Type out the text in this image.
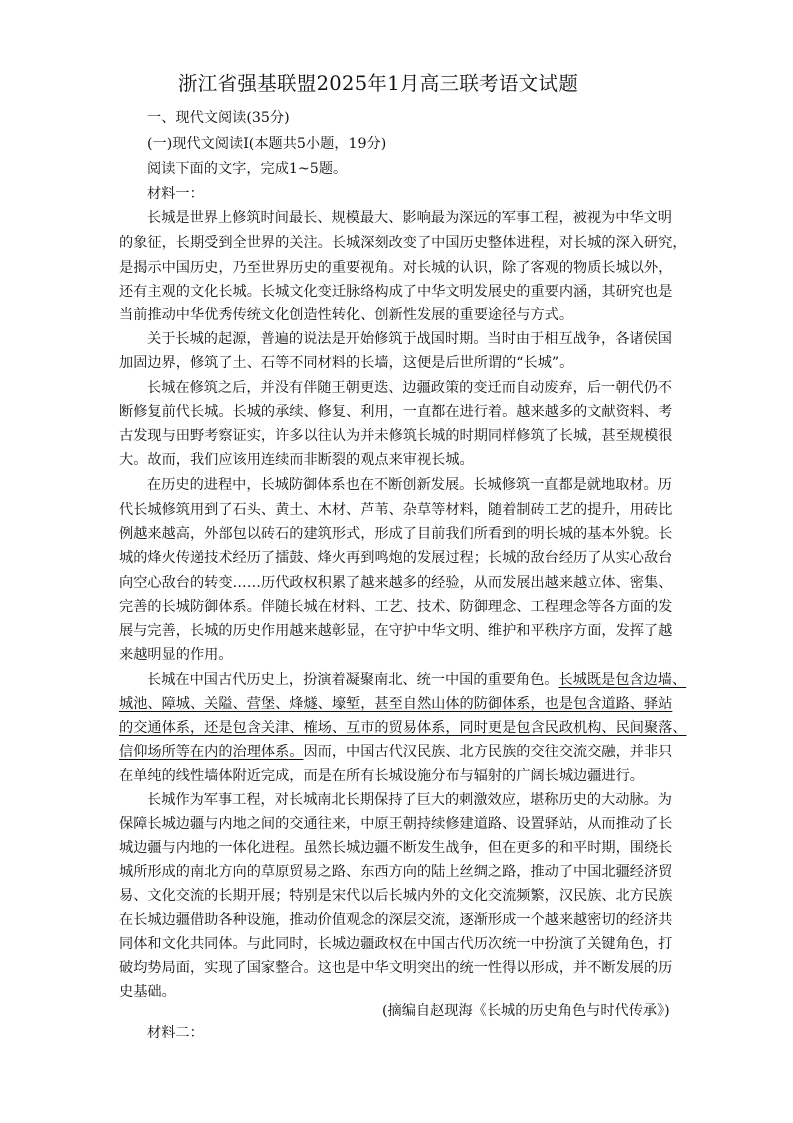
浙江省强基联盟2025年1月高三联考语文试题
一、现代文阅读(35分)
(一)现代文阅读Ⅰ(本题共5小题，19分)
阅读下面的文字，完成1~5题。
材料一：
长城是世界上修筑时间最长、规模最大、影响最为深远的军事工程，被视为中华文明
的象征，长期受到全世界的关注。长城深刻改变了中国历史整体进程，对长城的深入研究，
是揭示中国历史，乃至世界历史的重要视角。对长城的认识，除了客观的物质长城以外，
还有主观的文化长城。长城文化变迁脉络构成了中华文明发展史的重要内涵，其研究也是
当前推动中华优秀传统文化创造性转化、创新性发展的重要途径与方式。
关于长城的起源，普遍的说法是开始修筑于战国时期。当时由于相互战争，各诸侯国
加固边界，修筑了土、石等不同材料的长墙，这便是后世所谓的“长城”。
长城在修筑之后，并没有伴随王朝更迭、边疆政策的变迁而自动废弃，后一朝代仍不
断修复前代长城。长城的承续、修复、利用，一直都在进行着。越来越多的文献资料、考
古发现与田野考察证实，许多以往认为并未修筑长城的时期同样修筑了长城，甚至规模很
大。故而，我们应该用连续而非断裂的观点来审视长城。
在历史的进程中，长城防御体系也在不断创新发展。长城修筑一直都是就地取材。历
代长城修筑用到了石头、黄土、木材、芦苇、杂草等材料，随着制砖工艺的提升，用砖比
例越来越高，外部包以砖石的建筑形式，形成了目前我们所看到的明长城的基本外貌。长
城的烽火传递技术经历了擂鼓、烽火再到鸣炮的发展过程；长城的敌台经历了从实心敌台
向空心敌台的转变……历代政权积累了越来越多的经验，从而发展出越来越立体、密集、
完善的长城防御体系。伴随长城在材料、工艺、技术、防御理念、工程理念等各方面的发
展与完善，长城的历史作用越来越彰显，在守护中华文明、维护和平秩序方面，发挥了越
来越明显的作用。
长城在中国古代历史上，扮演着凝聚南北、统一中国的重要角色。长城既是包含边墙、
城池、障城、关隘、营堡、烽燧、壕堑，甚至自然山体的防御体系，也是包含道路、驿站
的交通体系，还是包含关津、榷场、互市的贸易体系，同时更是包含民政机构、民间聚落、
信仰场所等在内的治理体系。因而，中国古代汉民族、北方民族的交往交流交融，并非只
在单纯的线性墙体附近完成，而是在所有长城设施分布与辐射的广阔长城边疆进行。
长城作为军事工程，对长城南北长期保持了巨大的刺激效应，堪称历史的大动脉。为
保障长城边疆与内地之间的交通往来，中原王朝持续修建道路、设置驿站，从而推动了长
城边疆与内地的一体化进程。虽然长城边疆不断发生战争，但在更多的和平时期，围绕长
城所形成的南北方向的草原贸易之路、东西方向的陆上丝绸之路，推动了中国北疆经济贸
易、文化交流的长期开展；特别是宋代以后长城内外的文化交流频繁，汉民族、北方民族
在长城边疆借助各种设施，推动价值观念的深层交流，逐渐形成一个越来越密切的经济共
同体和文化共同体。与此同时，长城边疆政权在中国古代历次统一中扮演了关键角色，打
破均势局面，实现了国家整合。这也是中华文明突出的统一性得以形成，并不断发展的历
史基础。
(摘编自赵现海《长城的历史角色与时代传承》)
材料二：
